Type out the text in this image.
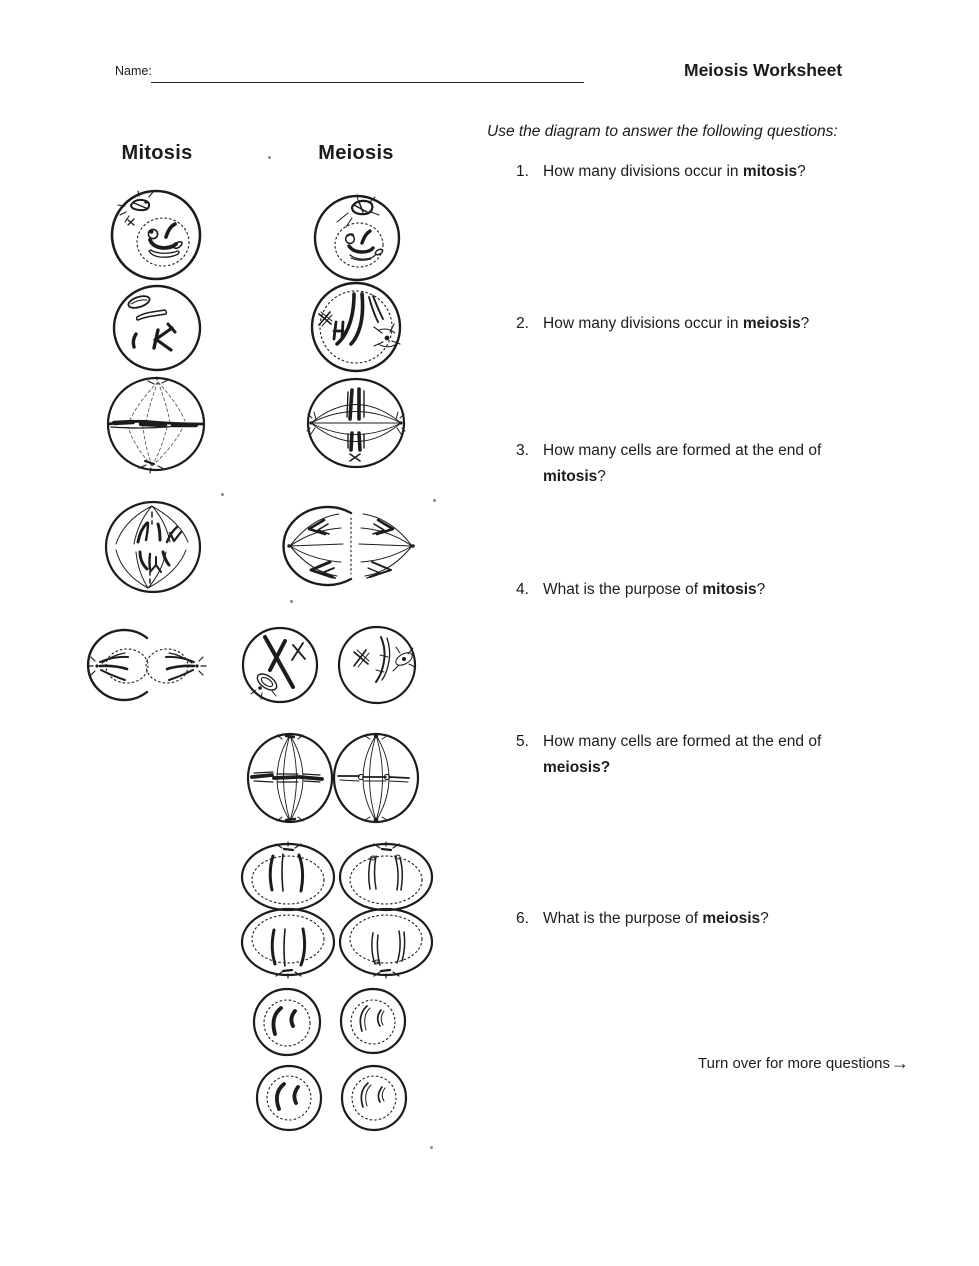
Name:	Meiosis Worksheet
Mitosis	Meiosis
Use the diagram to answer the following questions:
1. How many divisions occur in mitosis?
2. How many divisions occur in meiosis?
3. How many cells are formed at the end of mitosis?
4. What is the purpose of mitosis?
5. How many cells are formed at the end of meiosis?
6. What is the purpose of meiosis?
Turn over for more questions →
